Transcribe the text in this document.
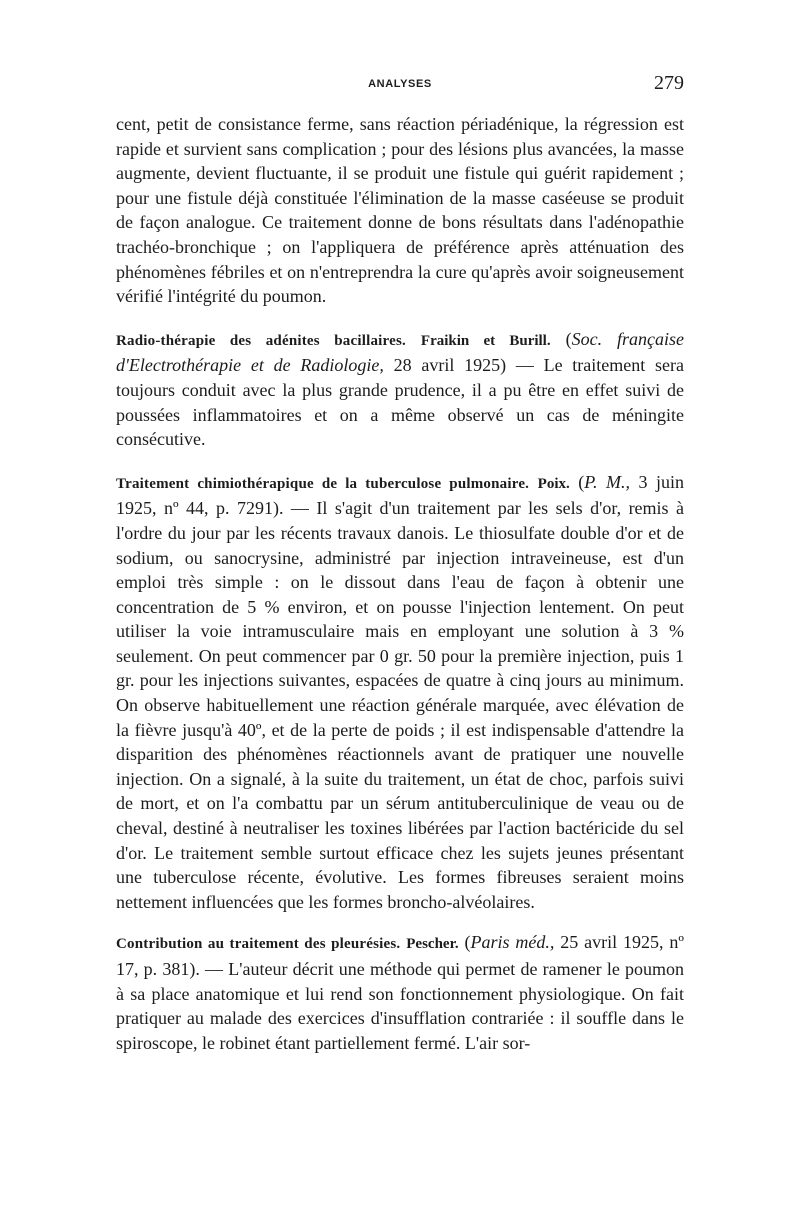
ANALYSES	279

cent, petit de consistance ferme, sans réaction périadénique, la régression est rapide et survient sans complication ; pour des lésions plus avancées, la masse augmente, devient fluctuante, il se produit une fistule qui guérit rapidement ; pour une fistule déjà constituée l'élimination de la masse caséeuse se produit de façon analogue. Ce traitement donne de bons résultats dans l'adénopathie trachéo-bronchique ; on l'appliquera de préférence après atténuation des phénomènes fébriles et on n'entreprendra la cure qu'après avoir soigneusement vérifié l'intégrité du poumon.

Radio-thérapie des adénites bacillaires. Fraikin et Burill. (Soc. française d'Electrothérapie et de Radiologie, 28 avril 1925) — Le traitement sera toujours conduit avec la plus grande prudence, il a pu être en effet suivi de poussées inflammatoires et on a même observé un cas de méningite consécutive.

Traitement chimiothérapique de la tuberculose pulmonaire. Poix. (P. M., 3 juin 1925, nº 44, p. 7291). — Il s'agit d'un traitement par les sels d'or, remis à l'ordre du jour par les récents travaux danois. Le thiosulfate double d'or et de sodium, ou sanocrysine, administré par injection intraveineuse, est d'un emploi très simple : on le dissout dans l'eau de façon à obtenir une concentration de 5 % environ, et on pousse l'injection lentement. On peut utiliser la voie intramusculaire mais en employant une solution à 3 % seulement. On peut commencer par 0 gr. 50 pour la première injection, puis 1 gr. pour les injections suivantes, espacées de quatre à cinq jours au minimum. On observe habituellement une réaction générale marquée, avec élévation de la fièvre jusqu'à 40º, et de la perte de poids ; il est indispensable d'attendre la disparition des phénomènes réactionnels avant de pratiquer une nouvelle injection. On a signalé, à la suite du traitement, un état de choc, parfois suivi de mort, et on l'a combattu par un sérum antituberculinique de veau ou de cheval, destiné à neutraliser les toxines libérées par l'action bactéricide du sel d'or. Le traitement semble surtout efficace chez les sujets jeunes présentant une tuberculose récente, évolutive. Les formes fibreuses seraient moins nettement influencées que les formes broncho-alvéolaires.

Contribution au traitement des pleurésies. Pescher. (Paris méd., 25 avril 1925, nº 17, p. 381). — L'auteur décrit une méthode qui permet de ramener le poumon à sa place anatomique et lui rend son fonctionnement physiologique. On fait pratiquer au malade des exercices d'insufflation contrariée : il souffle dans le spiroscope, le robinet étant partiellement fermé. L'air sor-
